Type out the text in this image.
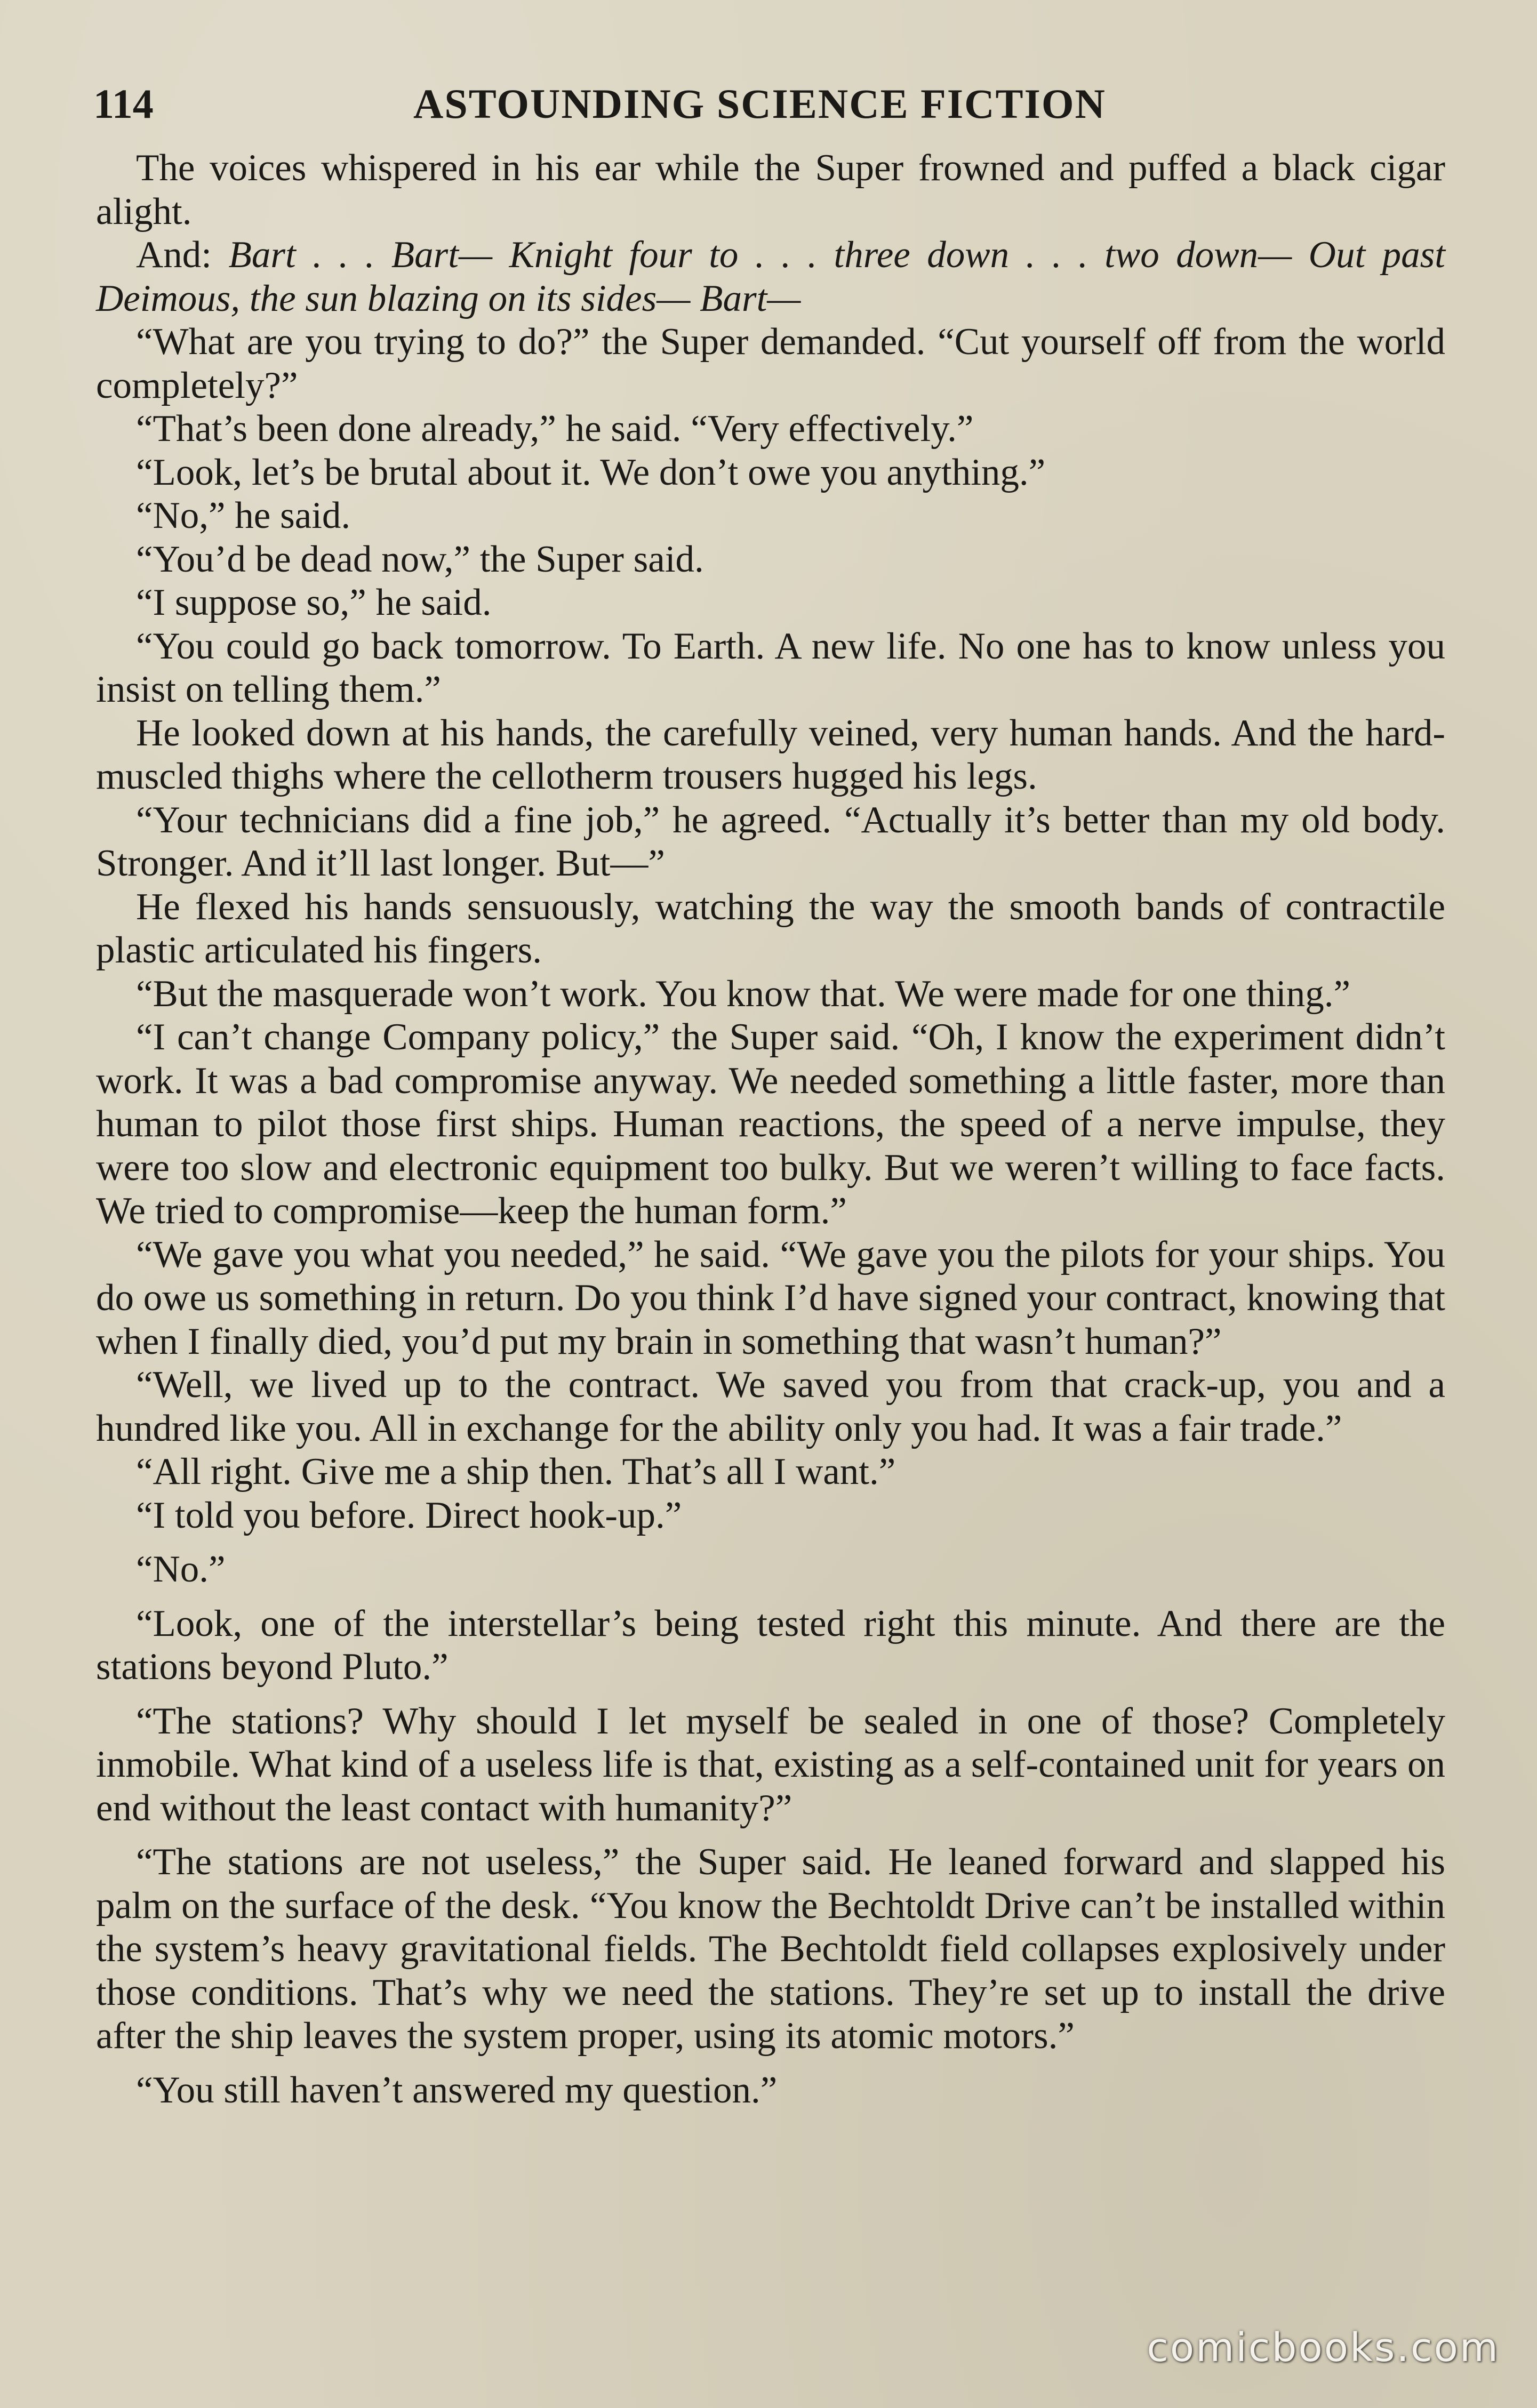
114	ASTOUNDING SCIENCE FICTION

The voices whispered in his ear while the Super frowned and puffed a black cigar alight.

And: Bart . . . Bart— Knight four to . . . three down . . . two down— Out past Deimous, the sun blazing on its sides— Bart—

“What are you trying to do?” the Super demanded. “Cut yourself off from the world completely?”

“That’s been done already,” he said. “Very effectively.”

“Look, let’s be brutal about it. We don’t owe you anything.”

“No,” he said.

“You’d be dead now,” the Super said.

“I suppose so,” he said.

“You could go back tomorrow. To Earth. A new life. No one has to know unless you insist on telling them.”

He looked down at his hands, the carefully veined, very human hands. And the hard-muscled thighs where the cellotherm trousers hugged his legs.

“Your technicians did a fine job,” he agreed. “Actually it’s better than my old body. Stronger. And it’ll last longer. But—”

He flexed his hands sensuously, watching the way the smooth bands of contractile plastic articulated his fingers.

“But the masquerade won’t work. You know that. We were made for one thing.”

“I can’t change Company policy,” the Super said. “Oh, I know the experiment didn’t work. It was a bad compromise anyway. We needed something a little faster, more than human to pilot those first ships. Human reactions, the speed of a nerve impulse, they were too slow and electronic equipment too bulky. But we weren’t willing to face facts. We tried to compromise—keep the human form.”

“We gave you what you needed,” he said. “We gave you the pilots for your ships. You do owe us something in return. Do you think I’d have signed your contract, knowing that when I finally died, you’d put my brain in something that wasn’t human?”

“Well, we lived up to the contract. We saved you from that crack-up, you and a hundred like you. All in exchange for the ability only you had. It was a fair trade.”

“All right. Give me a ship then. That’s all I want.”

“I told you before. Direct hook-up.”

“No.”

“Look, one of the interstellar’s being tested right this minute. And there are the stations beyond Pluto.”

“The stations? Why should I let myself be sealed in one of those? Completely inmobile. What kind of a useless life is that, existing as a self-contained unit for years on end without the least contact with humanity?”

“The stations are not useless,” the Super said. He leaned forward and slapped his palm on the surface of the desk. “You know the Bechtoldt Drive can’t be installed within the system’s heavy gravitational fields. The Bechtoldt field collapses explosively under those conditions. That’s why we need the stations. They’re set up to install the drive after the ship leaves the system proper, using its atomic motors.”

“You still haven’t answered my question.”

comicbooks.com
